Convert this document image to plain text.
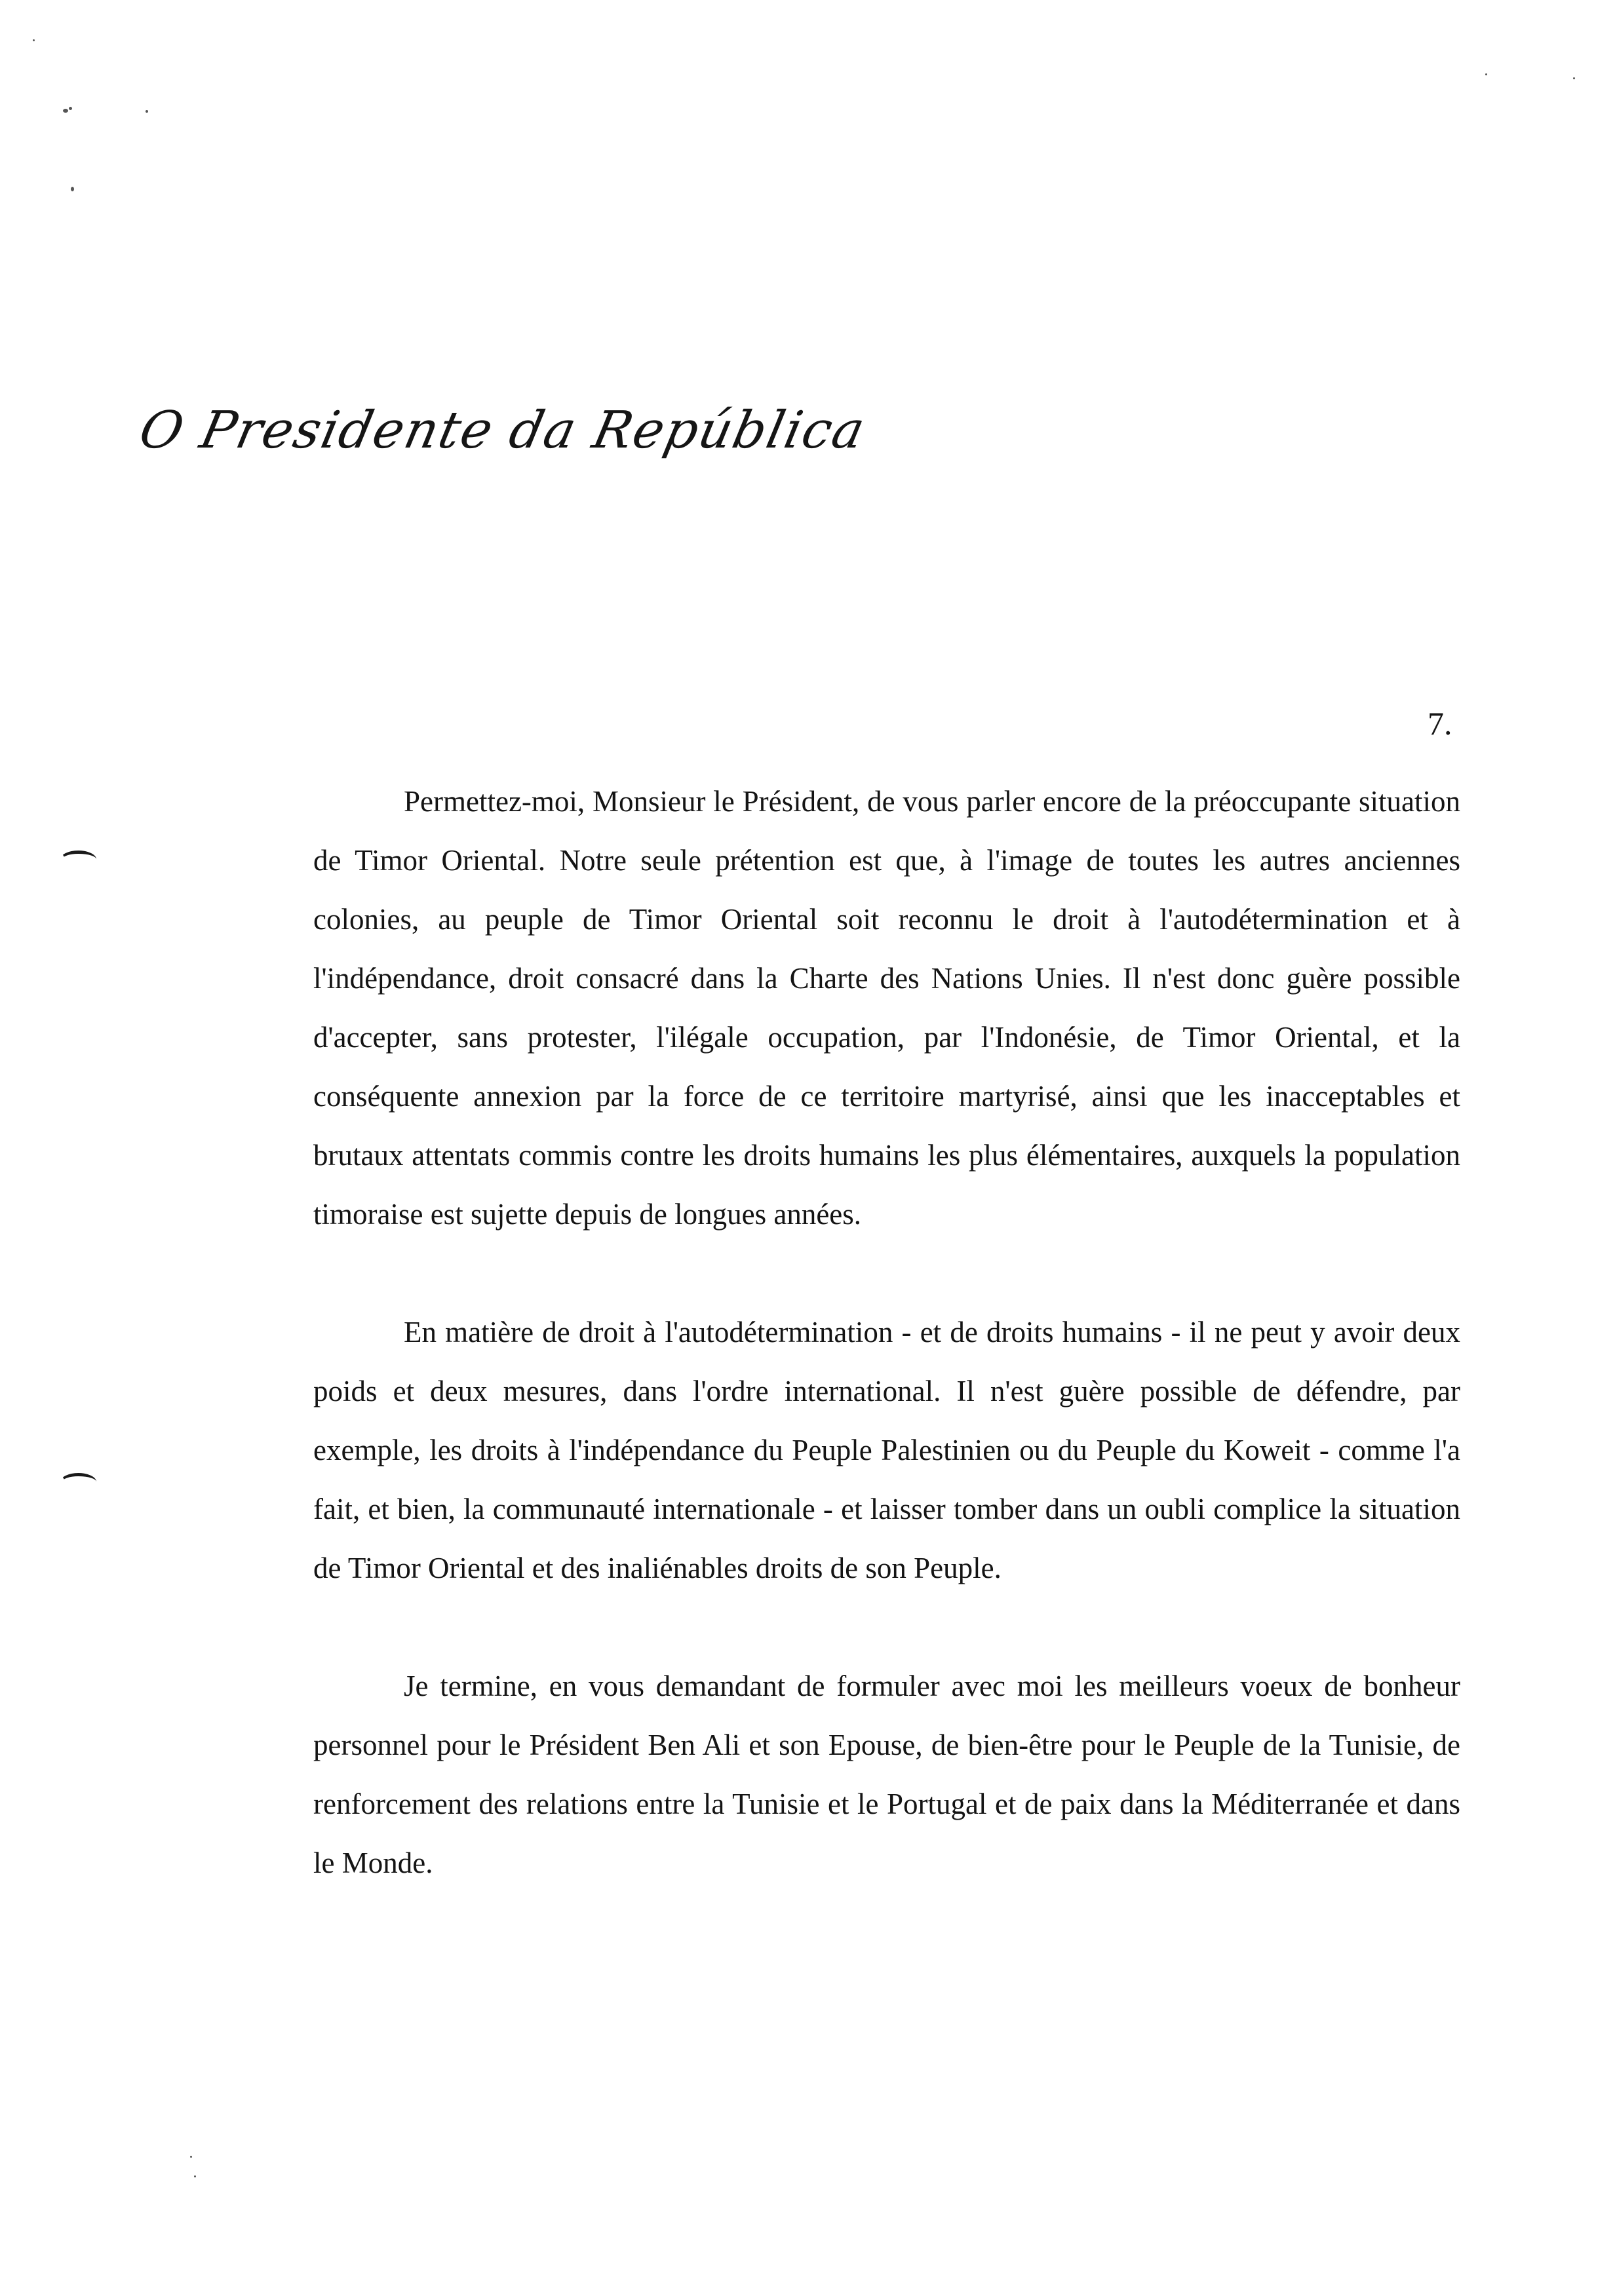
O Presidente da República
7.

Permettez-moi, Monsieur le Président, de vous parler encore de la préoccupante situation de Timor Oriental. Notre seule prétention est que, à l'image de toutes les autres anciennes colonies, au peuple de Timor Oriental soit reconnu le droit à l'autodétermination et à l'indépendance, droit consacré dans la Charte des Nations Unies. Il n'est donc guère possible d'accepter, sans protester, l'ilégale occupation, par l'Indonésie, de Timor Oriental, et la conséquente annexion par la force de ce territoire martyrisé, ainsi que les inacceptables et brutaux attentats commis contre les droits humains les plus élémentaires, auxquels la population timoraise est sujette depuis de longues années.

En matière de droit à l'autodétermination - et de droits humains - il ne peut y avoir deux poids et deux mesures, dans l'ordre international. Il n'est guère possible de défendre, par exemple, les droits à l'indépendance du Peuple Palestinien ou du Peuple du Koweit - comme l'a fait, et bien, la communauté internationale - et laisser tomber dans un oubli complice la situation de Timor Oriental et des inaliénables droits de son Peuple.

Je termine, en vous demandant de formuler avec moi les meilleurs voeux de bonheur personnel pour le Président Ben Ali et son Epouse, de bien-être pour le Peuple de la Tunisie, de renforcement des relations entre la Tunisie et le Portugal et de paix dans la Méditerranée et dans le Monde.
